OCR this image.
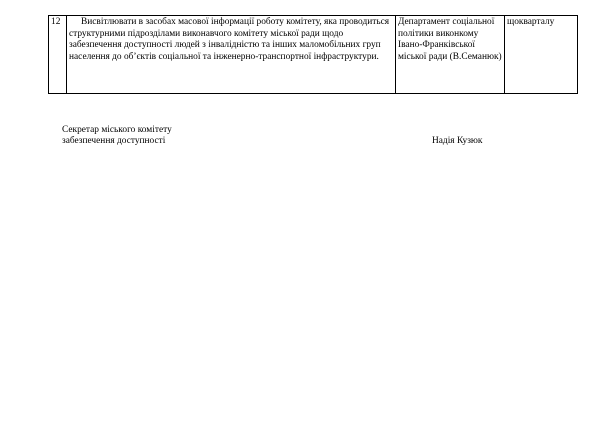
12	Висвітлювати в засобах масової інформації роботу комітету, яка проводиться структурними підрозділами виконавчого комітету міської ради щодо забезпечення доступності людей з інвалідністю та інших маломобільних груп населення до об’єктів соціальної та інженерно-транспортної інфраструктури.	Департамент соціальної політики виконкому Івано-Франківської міської ради (В.Семанюк)	щокварталу
Секретар міського комітету
забезпечення доступності	Надія Кузюк
